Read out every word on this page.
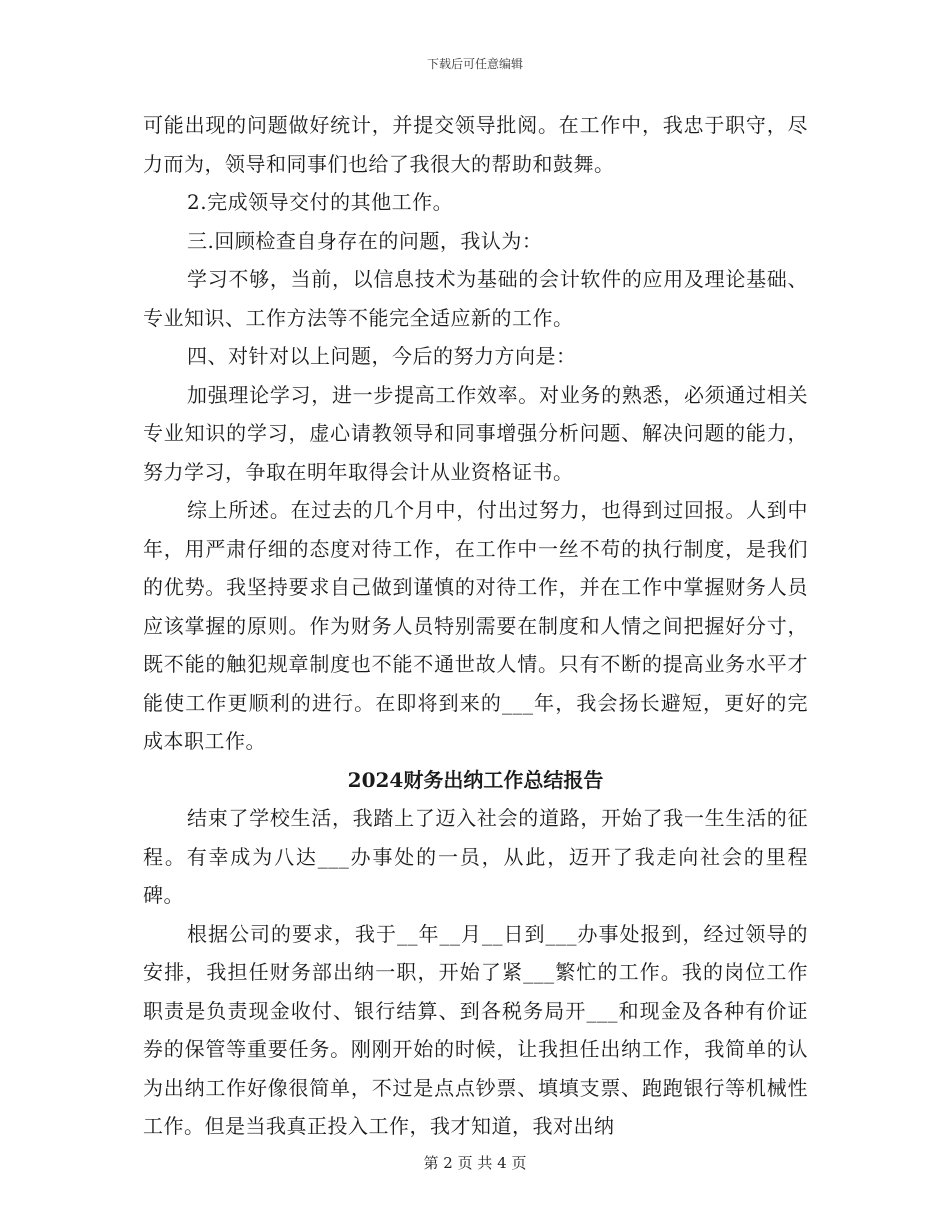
下载后可任意编辑

可能出现的问题做好统计，并提交领导批阅。在工作中，我忠于职守，尽力而为，领导和同事们也给了我很大的帮助和鼓舞。

2.完成领导交付的其他工作。

三.回顾检查自身存在的问题，我认为：

学习不够，当前，以信息技术为基础的会计软件的应用及理论基础、专业知识、工作方法等不能完全适应新的工作。

四、对针对以上问题，今后的努力方向是：

加强理论学习，进一步提高工作效率。对业务的熟悉，必须通过相关专业知识的学习，虚心请教领导和同事增强分析问题、解决问题的能力，努力学习，争取在明年取得会计从业资格证书。

综上所述。在过去的几个月中，付出过努力，也得到过回报。人到中年，用严肃仔细的态度对待工作，在工作中一丝不苟的执行制度，是我们的优势。我坚持要求自己做到谨慎的对待工作，并在工作中掌握财务人员应该掌握的原则。作为财务人员特别需要在制度和人情之间把握好分寸，既不能的触犯规章制度也不能不通世故人情。只有不断的提高业务水平才能使工作更顺利的进行。在即将到来的___年，我会扬长避短，更好的完成本职工作。

2024财务出纳工作总结报告

结束了学校生活，我踏上了迈入社会的道路，开始了我一生生活的征程。有幸成为八达___办事处的一员，从此，迈开了我走向社会的里程碑。

根据公司的要求，我于__年__月__日到___办事处报到，经过领导的安排，我担任财务部出纳一职，开始了紧___繁忙的工作。我的岗位工作职责是负责现金收付、银行结算、到各税务局开___和现金及各种有价证券的保管等重要任务。刚刚开始的时候，让我担任出纳工作，我简单的认为出纳工作好像很简单，不过是点点钞票、填填支票、跑跑银行等机械性工作。但是当我真正投入工作，我才知道，我对出纳

第 2 页 共 4 页
